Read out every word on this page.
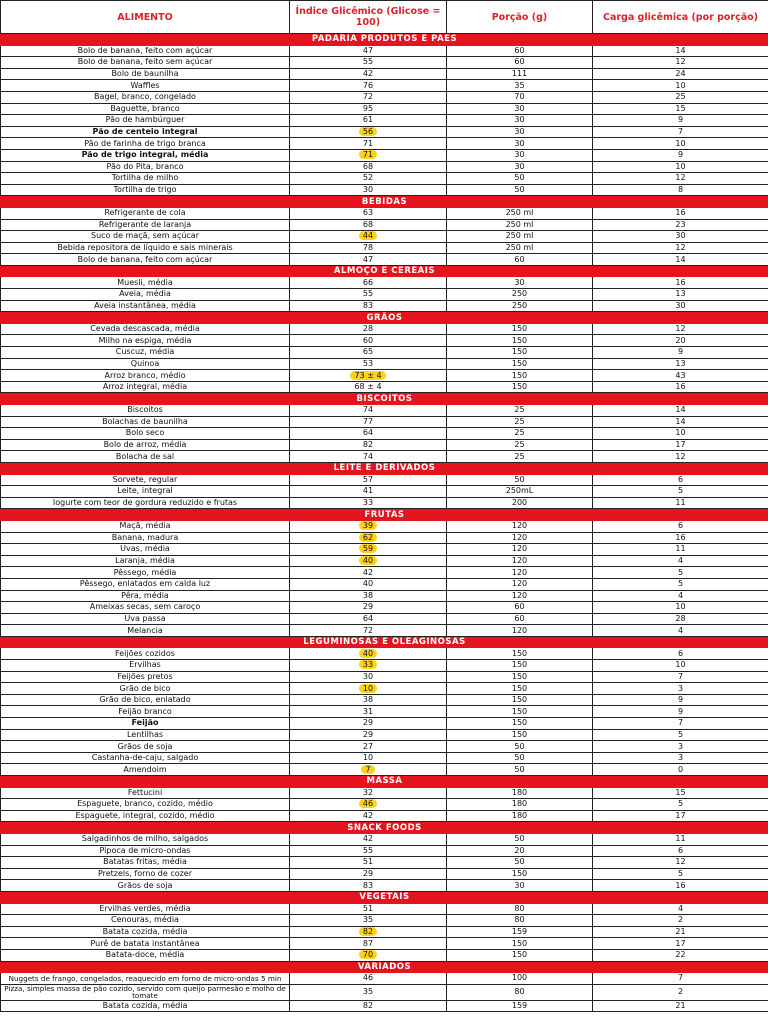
ALIMENTO	Índice Glicêmico (Glicose = 100)	Porção (g)	Carga glicêmica (por porção)
PADARIA PRODUTOS E PÃES			
Bolo de banana, feito com açúcar	47	60	14
Bolo de banana, feito sem açúcar	55	60	12
Bolo de baunilha	42	111	24
Waffles	76	35	10
Bagel, branco, congelado	72	70	25
Baguette, branco	95	30	15
Pão de hambúrguer	61	30	9
Pão de centeio integral	56	30	7
Pão de farinha de trigo branca	71	30	10
Pão de trigo integral, média	71	30	9
Pão do Pita, branco	68	30	10
Tortilha de milho	52	50	12
Tortilha de trigo	30	50	8
BEBIDAS			
Refrigerante de cola	63	250 ml	16
Refrigerante de laranja	68	250 ml	23
Suco de maçã, sem açúcar	44	250 ml	30
Bebida repositora de líquido e sais minerais	78	250 ml	12
Bolo de banana, feito com açúcar	47	60	14
ALMOÇO E CEREAIS			
Muesli, média	66	30	16
Aveia, média	55	250	13
Aveia instantânea, média	83	250	30
GRÃOS			
Cevada descascada, média	28	150	12
Milho na espiga, média	60	150	20
Cuscuz, média	65	150	9
Quinoa	53	150	13
Arroz branco, médio	73 ± 4	150	43
Arroz integral, média	68 ± 4	150	16
BISCOITOS			
Biscoitos	74	25	14
Bolachas de baunilha	77	25	14
Bolo seco	64	25	10
Bolo de arroz, média	82	25	17
Bolacha de sal	74	25	12
LEITE E DERIVADOS			
Sorvete, regular	57	50	6
Leite, integral	41	250mL	5
Iogurte com teor de gordura reduzido e frutas	33	200	11
FRUTAS			
Maçã, média	39	120	6
Banana, madura	62	120	16
Uvas, média	59	120	11
Laranja, média	40	120	4
Pêssego, média	42	120	5
Pêssego, enlatados em calda luz	40	120	5
Pêra, média	38	120	4
Ameixas secas, sem caroço	29	60	10
Uva passa	64	60	28
Melancia	72	120	4
LEGUMINOSAS E OLEAGINOSAS			
Feijões cozidos	40	150	6
Ervilhas	33	150	10
Feijões pretos	30	150	7
Grão de bico	10	150	3
Grão de bico, enlatado	38	150	9
Feijão branco	31	150	9
Feijão	29	150	7
Lentilhas	29	150	5
Grãos de soja	27	50	3
Castanha-de-caju, salgado	10	50	3
Amendoim	7	50	0
MASSA			
Fettucini	32	180	15
Espaguete, branco, cozido, médio	46	180	5
Espaguete, integral, cozido, médio	42	180	17
SNACK FOODS			
Salgadinhos de milho, salgados	42	50	11
Pipoca de micro-ondas	55	20	6
Batatas fritas, média	51	50	12
Pretzels, forno de cozer	29	150	5
Grãos de soja	83	30	16
VEGETAIS			
Ervilhas verdes, média	51	80	4
Cenouras, média	35	80	2
Batata cozida, média	82	159	21
Purê de batata instantânea	87	150	17
Batata-doce, média	70	150	22
VARIADOS			
Nuggets de frango, congelados, reaquecido em forno de micro-ondas 5 min	46	100	7
Pizza, simples massa de pão cozido, servido com queijo parmesão e molho de tomate	35	80	2
Batata cozida, média	82	159	21
